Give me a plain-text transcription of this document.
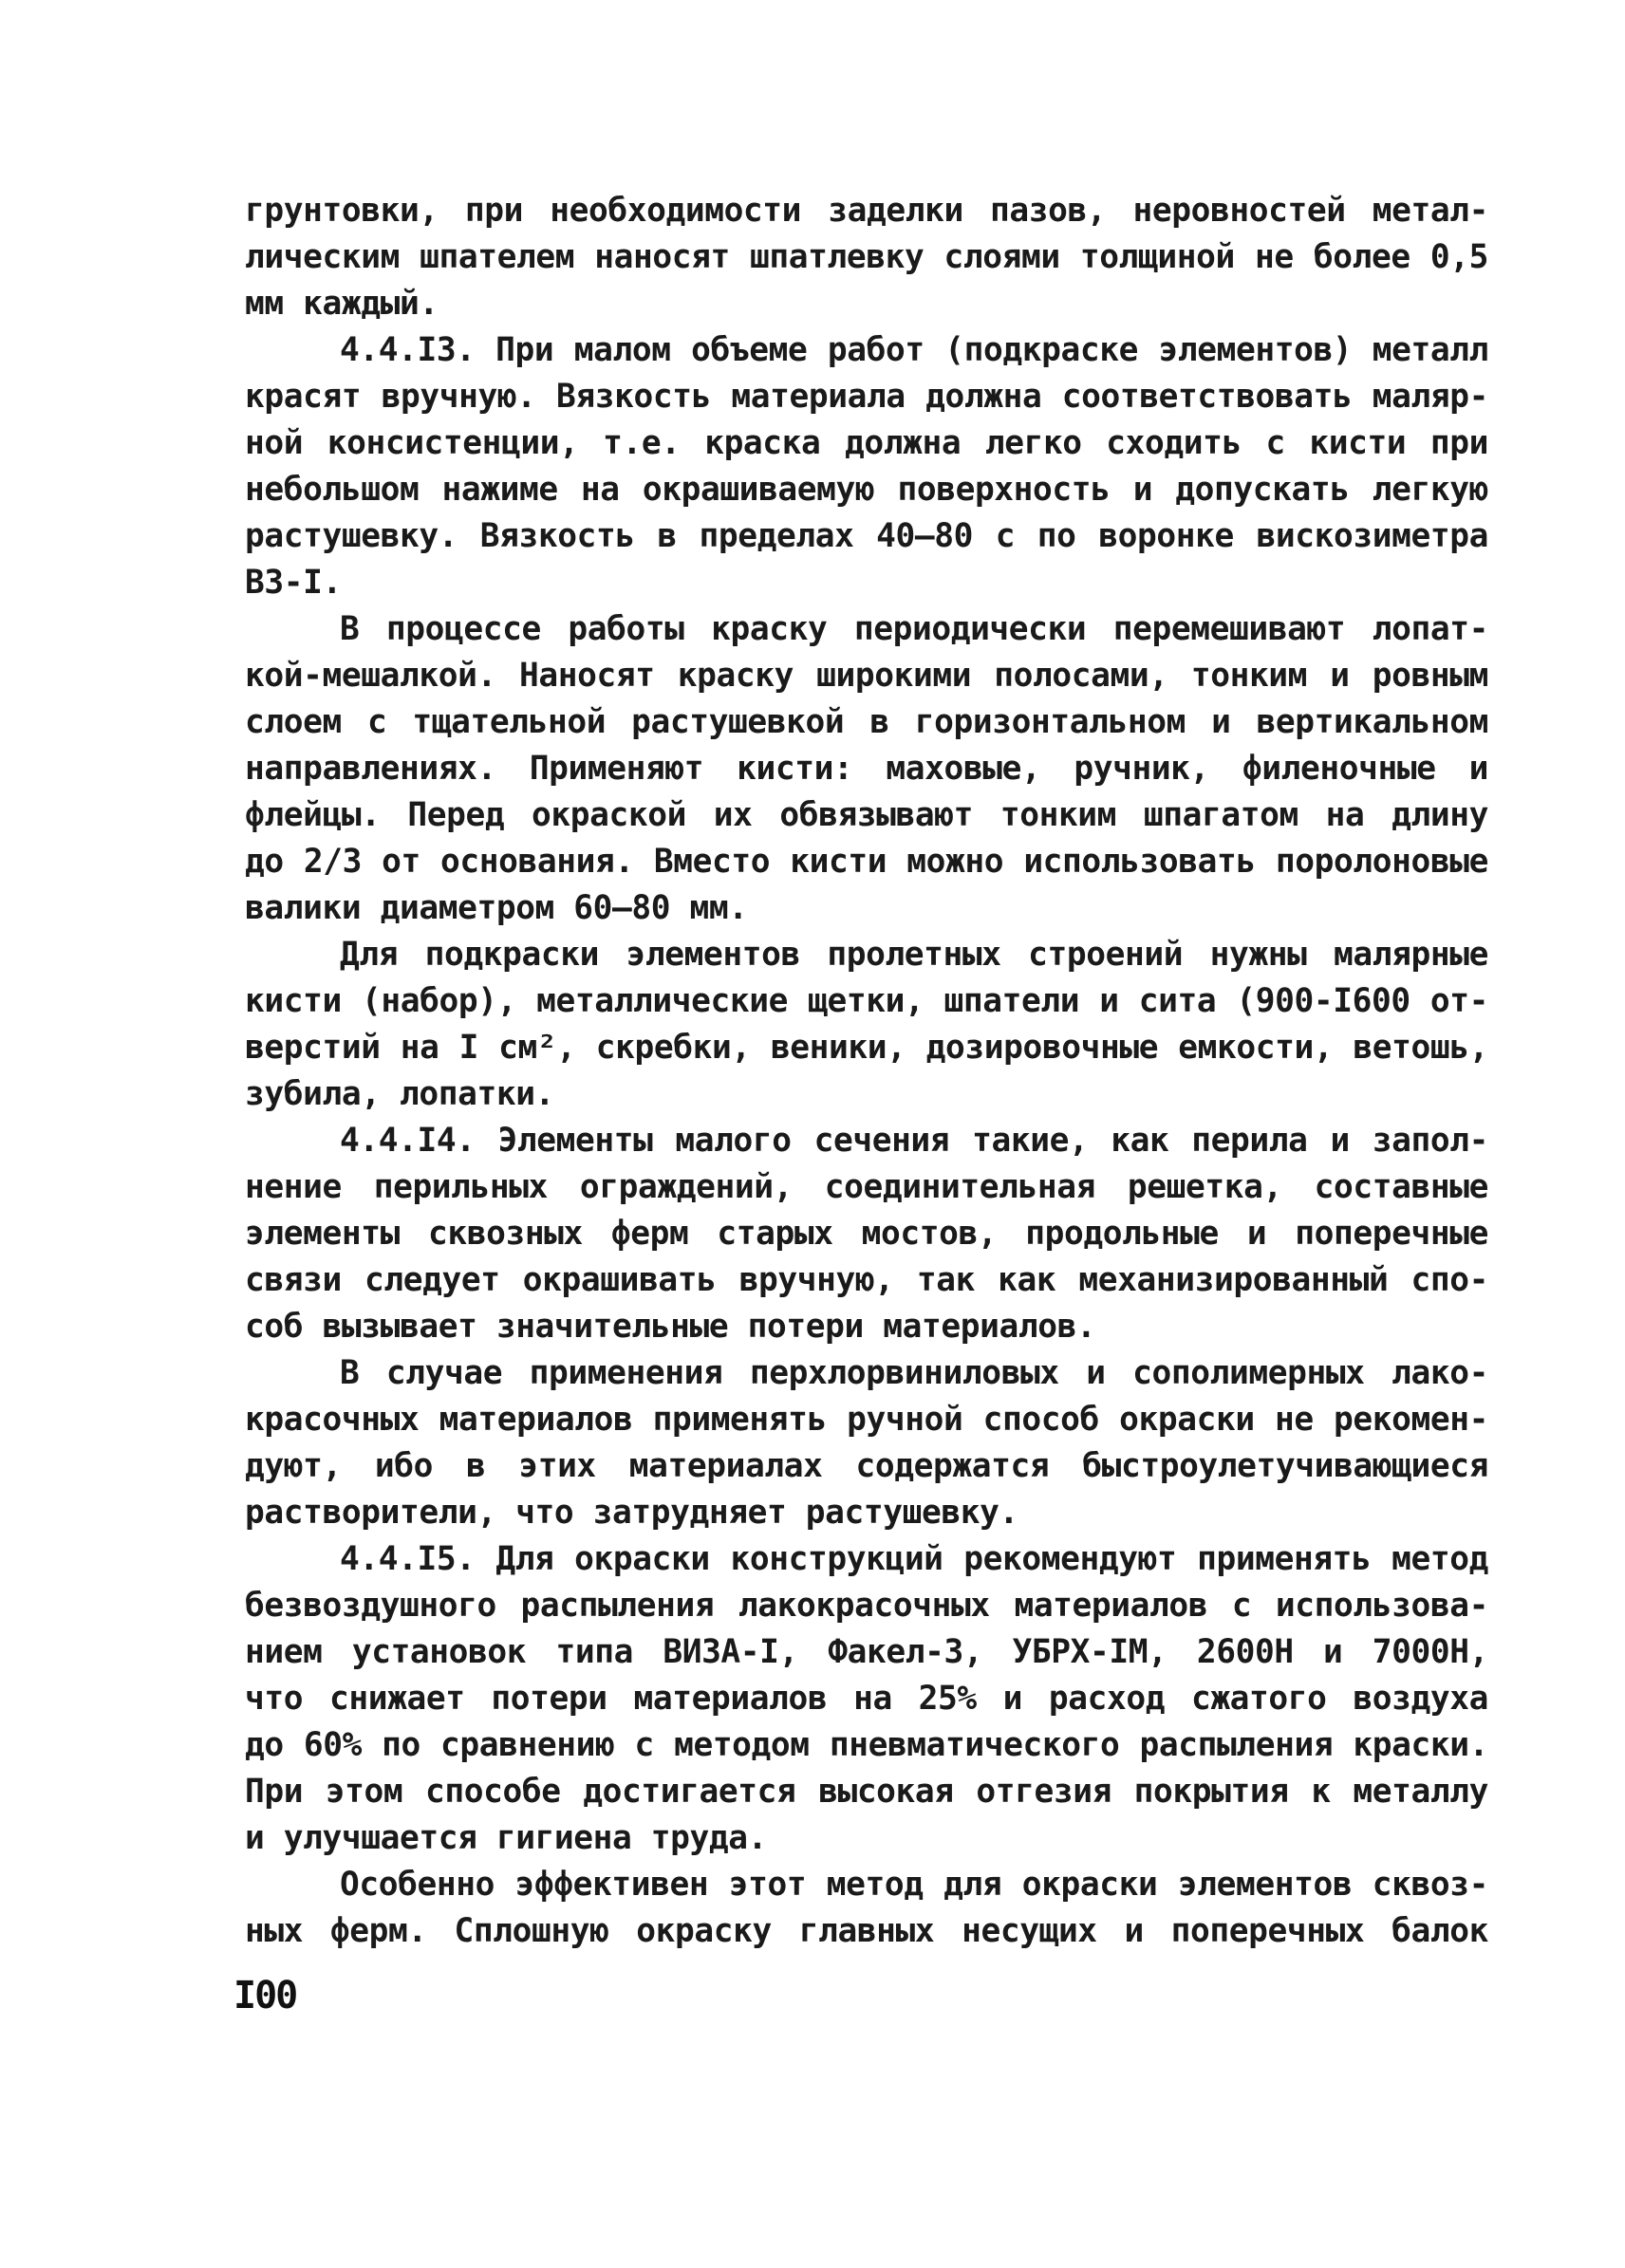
грунтовки, при необходимости заделки пазов, неровностей метал-
лическим шпателем наносят шпатлевку слоями толщиной не более 0,5
мм каждый.
4.4.I3. При малом объеме работ (подкраске элементов) металл
красят вручную. Вязкость материала должна соответствовать маляр-
ной консистенции, т.е. краска должна легко сходить с кисти при
небольшом нажиме на окрашиваемую поверхность и допускать легкую
растушевку. Вязкость в пределах 40–80 с по воронке вискозиметра
ВЗ-I.
В процессе работы краску периодически перемешивают лопат-
кой-мешалкой. Наносят краску широкими полосами, тонким и ровным
слоем с тщательной растушевкой в горизонтальном и вертикальном
направлениях. Применяют кисти: маховые, ручник, филеночные и
флейцы. Перед окраской их обвязывают тонким шпагатом на длину
до 2/3 от основания. Вместо кисти можно использовать поролоновые
валики диаметром 60–80 мм.
Для подкраски элементов пролетных строений нужны малярные
кисти (набор), металлические щетки, шпатели и сита (900-I600 от-
верстий на I см², скребки, веники, дозировочные емкости, ветошь,
зубила, лопатки.
4.4.I4. Элементы малого сечения такие, как перила и запол-
нение перильных ограждений, соединительная решетка, составные
элементы сквозных ферм старых мостов, продольные и поперечные
связи следует окрашивать вручную, так как механизированный спо-
соб вызывает значительные потери материалов.
В случае применения перхлорвиниловых и сополимерных лако-
красочных материалов применять ручной способ окраски не рекомен-
дуют, ибо в этих материалах содержатся быстроулетучивающиеся
растворители, что затрудняет растушевку.
4.4.I5. Для окраски конструкций рекомендуют применять метод
безвоздушного распыления лакокрасочных материалов с использова-
нием установок типа ВИЗА-I, Факел-3, УБРХ-IМ, 2600Н и 7000Н,
что снижает потери материалов на 25% и расход сжатого воздуха
до 60% по сравнению с методом пневматического распыления краски.
При этом способе достигается высокая отгезия покрытия к металлу
и улучшается гигиена труда.
Особенно эффективен этот метод для окраски элементов сквоз-
ных ферм. Сплошную окраску главных несущих и поперечных балок
I00
